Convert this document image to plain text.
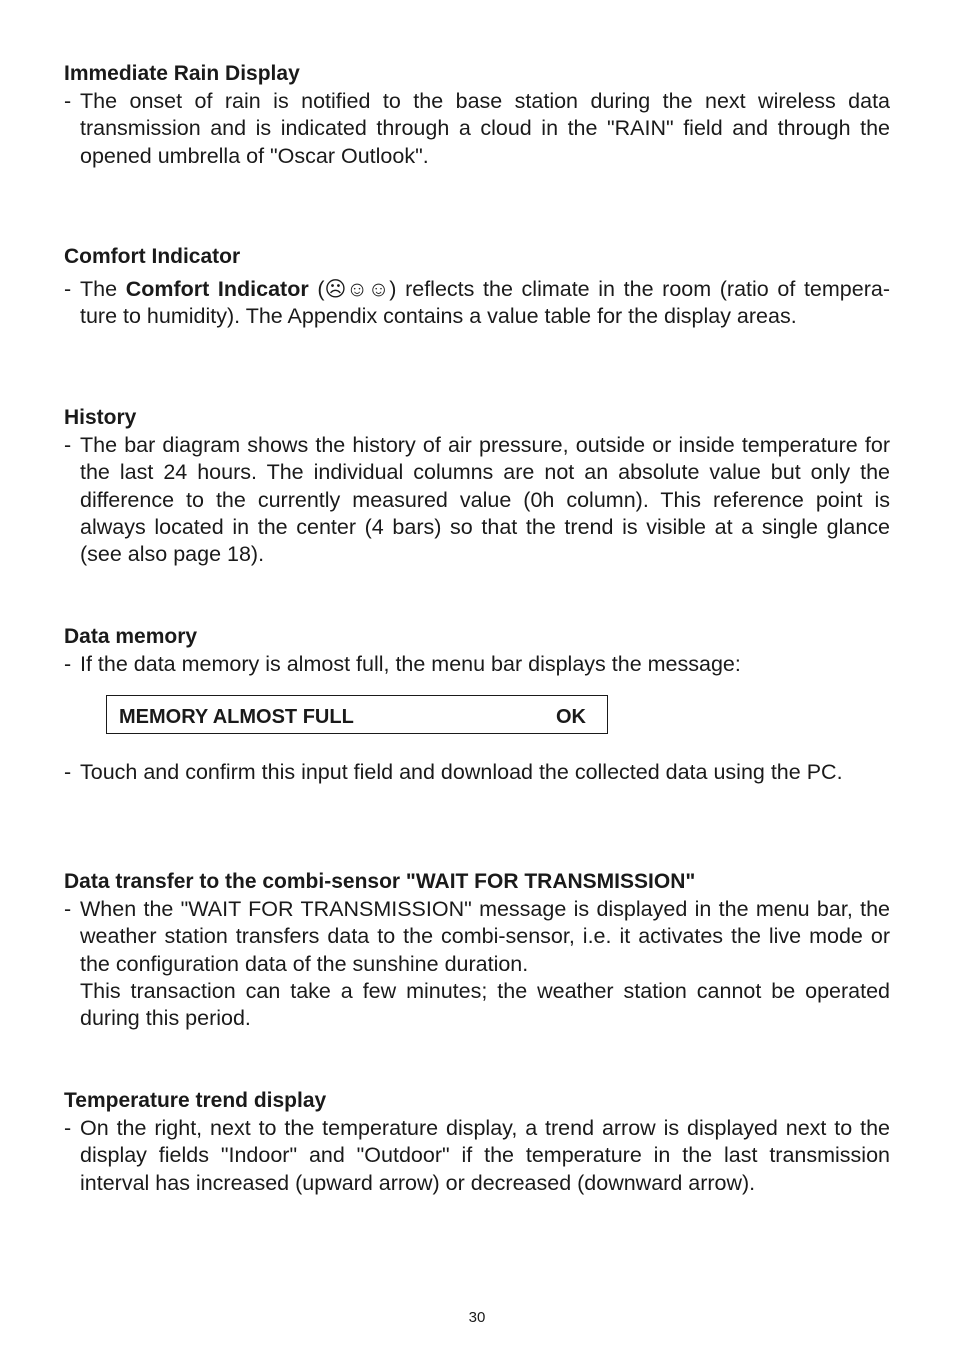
Immediate Rain Display
- The onset of rain is notified to the base station during the next wireless data transmission and is indicated through a cloud in the "RAIN" field and through the opened umbrella of "Oscar Outlook".

Comfort Indicator
- The Comfort Indicator (☹☺☺) reflects the climate in the room (ratio of tempera-ture to humidity). The Appendix contains a value table for the display areas.

History
- The bar diagram shows the history of air pressure, outside or inside temperature for the last 24 hours. The individual columns are not an absolute value but only the difference to the currently measured value (0h column). This reference point is always located in the center (4 bars) so that the trend is visible at a single glance (see also page 18).

Data memory
- If the data memory is almost full, the menu bar displays the message:

MEMORY ALMOST FULL	OK
- Touch and confirm this input field and download the collected data using the PC.

Data transfer to the combi-sensor "WAIT FOR TRANSMISSION"
- When the "WAIT FOR TRANSMISSION" message is displayed in the menu bar, the weather station transfers data to the combi-sensor, i.e. it activates the live mode or the configuration data of the sunshine duration.

This transaction can take a few minutes; the weather station cannot be operated during this period.

Temperature trend display
- On the right, next to the temperature display, a trend arrow is displayed next to the display fields "Indoor" and "Outdoor" if the temperature in the last transmission interval has increased (upward arrow) or decreased (downward arrow).

30
